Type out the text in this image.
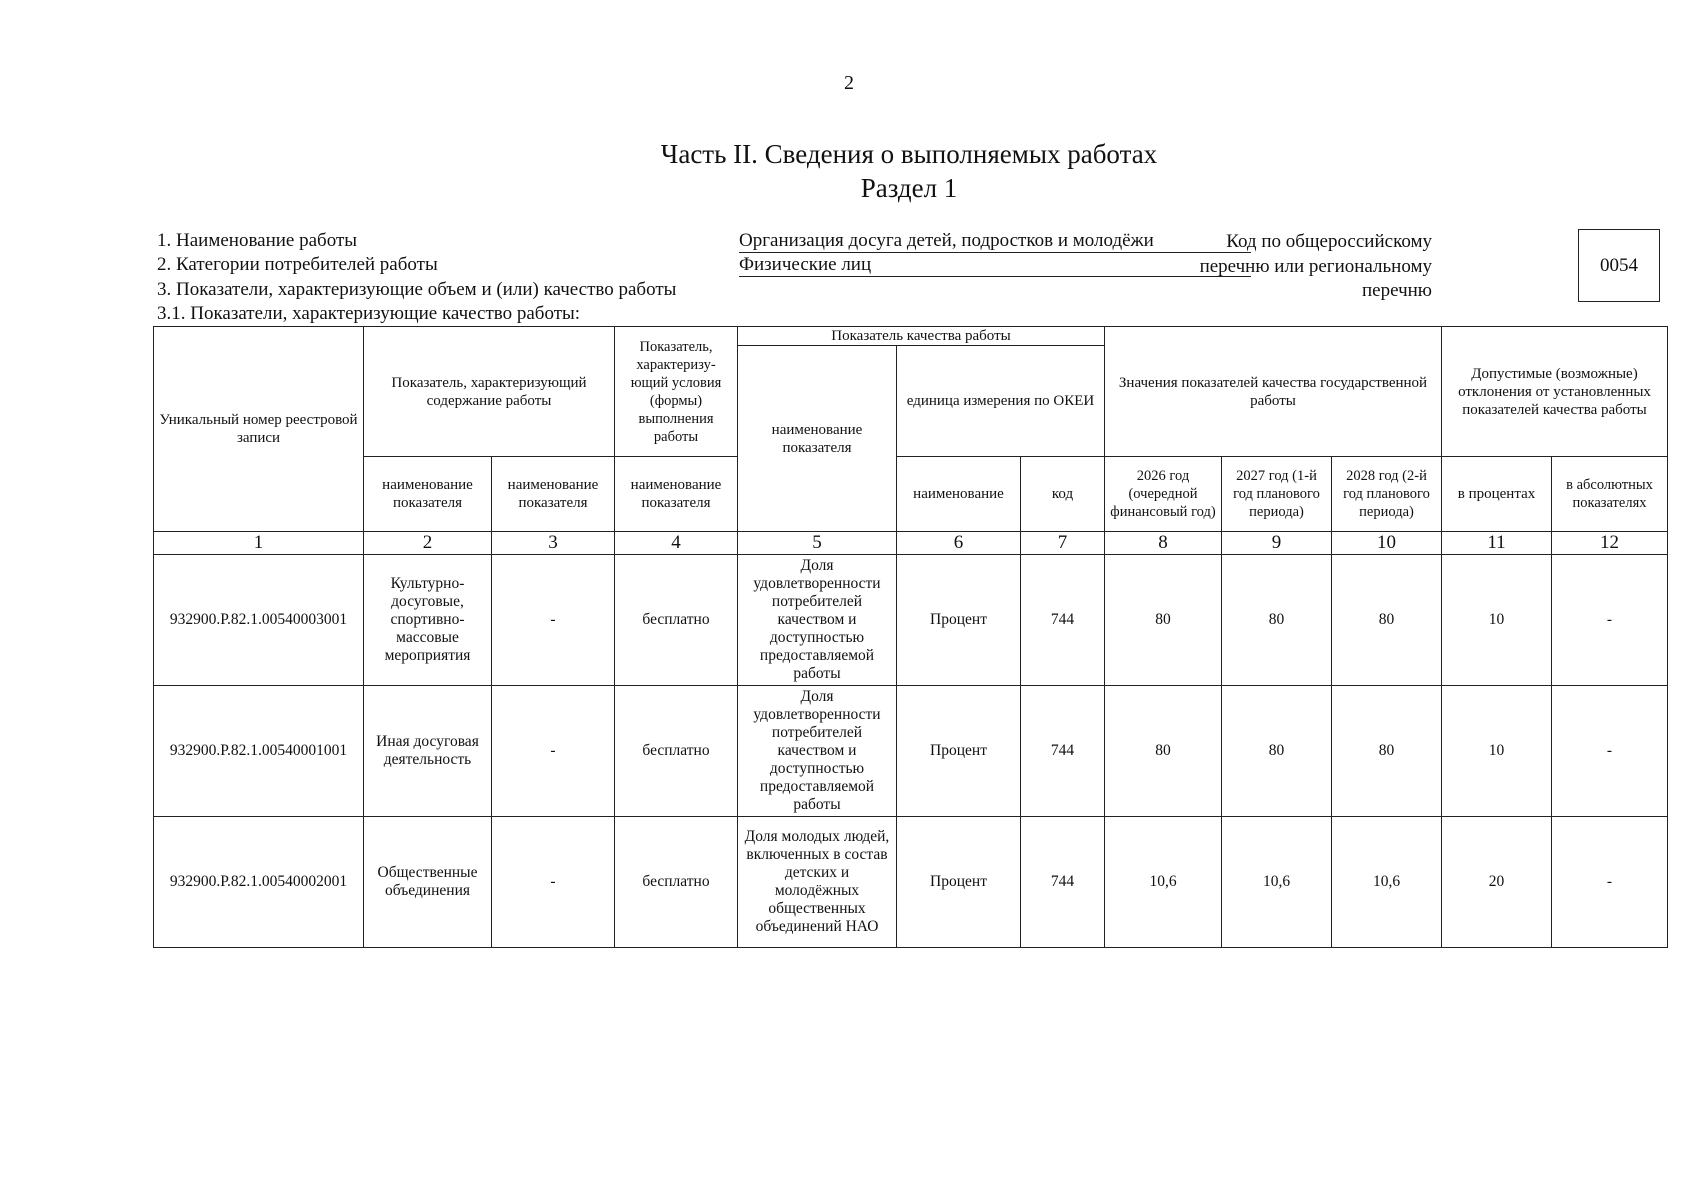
2
Часть II. Сведения о выполняемых работах
Раздел 1
1. Наименование работы	Организация досуга детей, подростков и молодёжи
2. Категории потребителей работы	Физические лиц
3. Показатели, характеризующие объем и (или) качество работы
3.1. Показатели, характеризующие качество работы:
Код по общероссийскому
перечню или региональному
перечню
0054
Уникальный номер реестровой записи	Показатель, характеризующий содержание работы		Показатель, характеризу-ющий условия (формы) выполнения работы	Показатель качества работы			Значения показателей качества государственной работы			Допустимые (возможные) отклонения от установленных показателей качества работы	
				наименование показателя	единица измерения по ОКЕИ						
	наименование показателя	наименование показателя	наименование показателя		наименование	код	2026 год (очередной финансовый год)	2027 год (1-й год планового периода)	2028 год (2-й год планового периода)	в процентах	в абсолютных показателях
1	2	3	4	5	6	7	8	9	10	11	12
932900.Р.82.1.00540003001	Культурно-досуговые, спортивно-массовые мероприятия	-	бесплатно	Доля удовлетворенности потребителей качеством и доступностью предоставляемой работы	Процент	744	80	80	80	10	-
932900.Р.82.1.00540001001	Иная досуговая деятельность	-	бесплатно	Доля удовлетворенности потребителей качеством и доступностью предоставляемой работы	Процент	744	80	80	80	10	-
932900.Р.82.1.00540002001	Общественные объединения	-	бесплатно	Доля молодых людей, включенных в состав детских и молодёжных общественных объединений НАО	Процент	744	10,6	10,6	10,6	20	-
